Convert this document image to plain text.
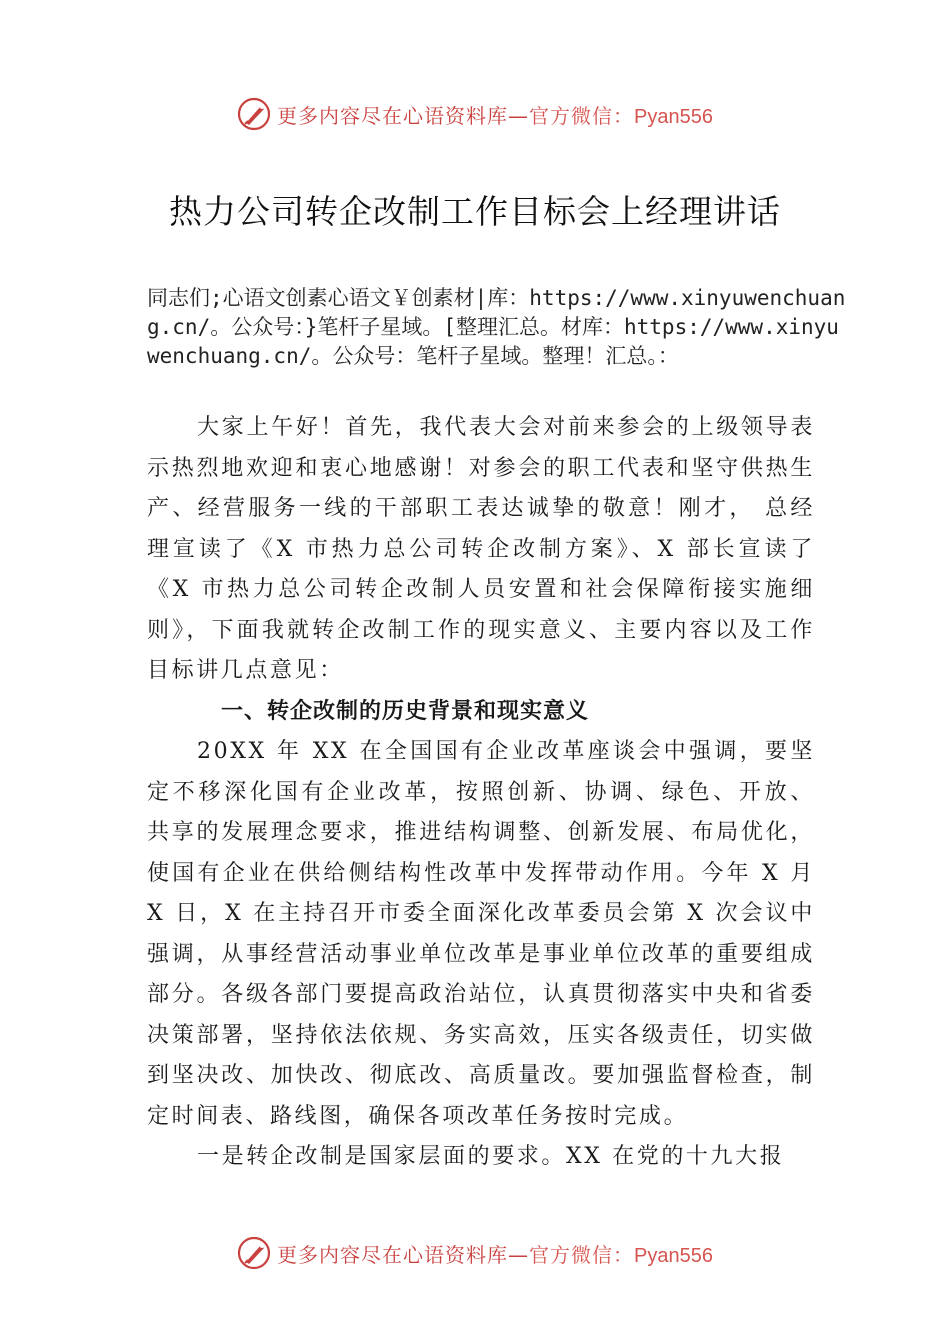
更多内容尽在心语资料库—官方微信：Pyan556
热力公司转企改制工作目标会上经理讲话
同志们;心语文创素心语文￥创素材|库：https://www.xinyuwenchuang.cn/。公众号：}笔杆子星域。[整理汇总。材库：https://www.xinyuwenchuang.cn/。公众号：笔杆子星域。整理！汇总。：

大家上午好！首先，我代表大会对前来参会的上级领导表示热烈地欢迎和衷心地感谢！对参会的职工代表和坚守供热生产、经营服务一线的干部职工表达诚挚的敬意！刚才， 总经理宣读了《X 市热力总公司转企改制方案》、X 部长宣读了《X 市热力总公司转企改制人员安置和社会保障衔接实施细则》，下面我就转企改制工作的现实意义、主要内容以及工作目标讲几点意见：

一、转企改制的历史背景和现实意义

20XX 年 XX 在全国国有企业改革座谈会中强调，要坚定不移深化国有企业改革，按照创新、协调、绿色、开放、 共享的发展理念要求，推进结构调整、创新发展、布局优化， 使国有企业在供给侧结构性改革中发挥带动作用。今年 X 月 X 日，X 在主持召开市委全面深化改革委员会第 X 次会议中强调，从事经营活动事业单位改革是事业单位改革的重要组成部分。各级各部门要提高政治站位，认真贯彻落实中央和省委决策部署，坚持依法依规、务实高效，压实各级责任，切实做到坚决改、加快改、彻底改、高质量改。要加强监督检查，制定时间表、路线图，确保各项改革任务按时完成。

一是转企改制是国家层面的要求。XX 在党的十九大报

更多内容尽在心语资料库—官方微信：Pyan556
